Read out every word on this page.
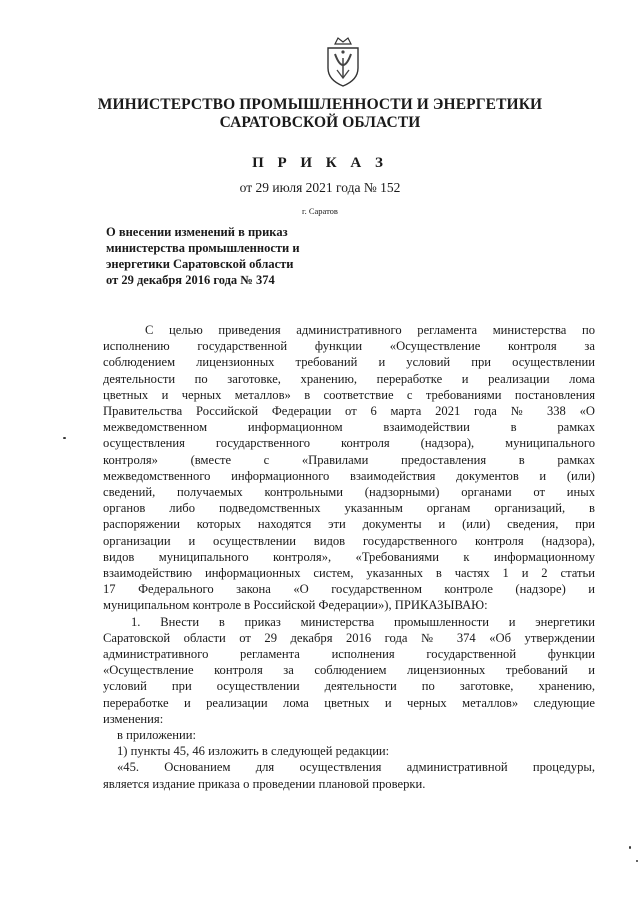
МИНИСТЕРСТВО ПРОМЫШЛЕННОСТИ И ЭНЕРГЕТИКИ
САРАТОВСКОЙ ОБЛАСТИ
П Р И К А З
от 29 июля 2021 года № 152
г. Саратов
О внесении изменений в приказ
министерства промышленности и
энергетики Саратовской области
от 29 декабря 2016 года № 374

С целью приведения административного регламента министерства по

исполнению государственной функции «Осуществление контроля за

соблюдением лицензионных требований и условий при осуществлении

деятельности по заготовке, хранению, переработке и реализации лома

цветных и черных металлов» в соответствие с требованиями постановления

Правительства Российской Федерации от 6 марта 2021 года № 338 «О

межведомственном информационном взаимодействии в рамках

осуществления государственного контроля (надзора), муниципального

контроля» (вместе с «Правилами предоставления в рамках

межведомственного информационного взаимодействия документов и (или)

сведений, получаемых контрольными (надзорными) органами от иных

органов либо подведомственных указанным органам организаций, в

распоряжении которых находятся эти документы и (или) сведения, при

организации и осуществлении видов государственного контроля (надзора),

видов муниципального контроля», «Требованиями к информационному

взаимодействию информационных систем, указанных в частях 1 и 2 статьи

17 Федерального закона «О государственном контроле (надзоре) и

муниципальном контроле в Российской Федерации»), ПРИКАЗЫВАЮ:

1. Внести в приказ министерства промышленности и энергетики

Саратовской области от 29 декабря 2016 года № 374 «Об утверждении

административного регламента исполнения государственной функции

«Осуществление контроля за соблюдением лицензионных требований и

условий при осуществлении деятельности по заготовке, хранению,

переработке и реализации лома цветных и черных металлов» следующие

изменения:

в приложении:

1) пункты 45, 46 изложить в следующей редакции:

«45. Основанием для осуществления административной процедуры,

является издание приказа о проведении плановой проверки.
